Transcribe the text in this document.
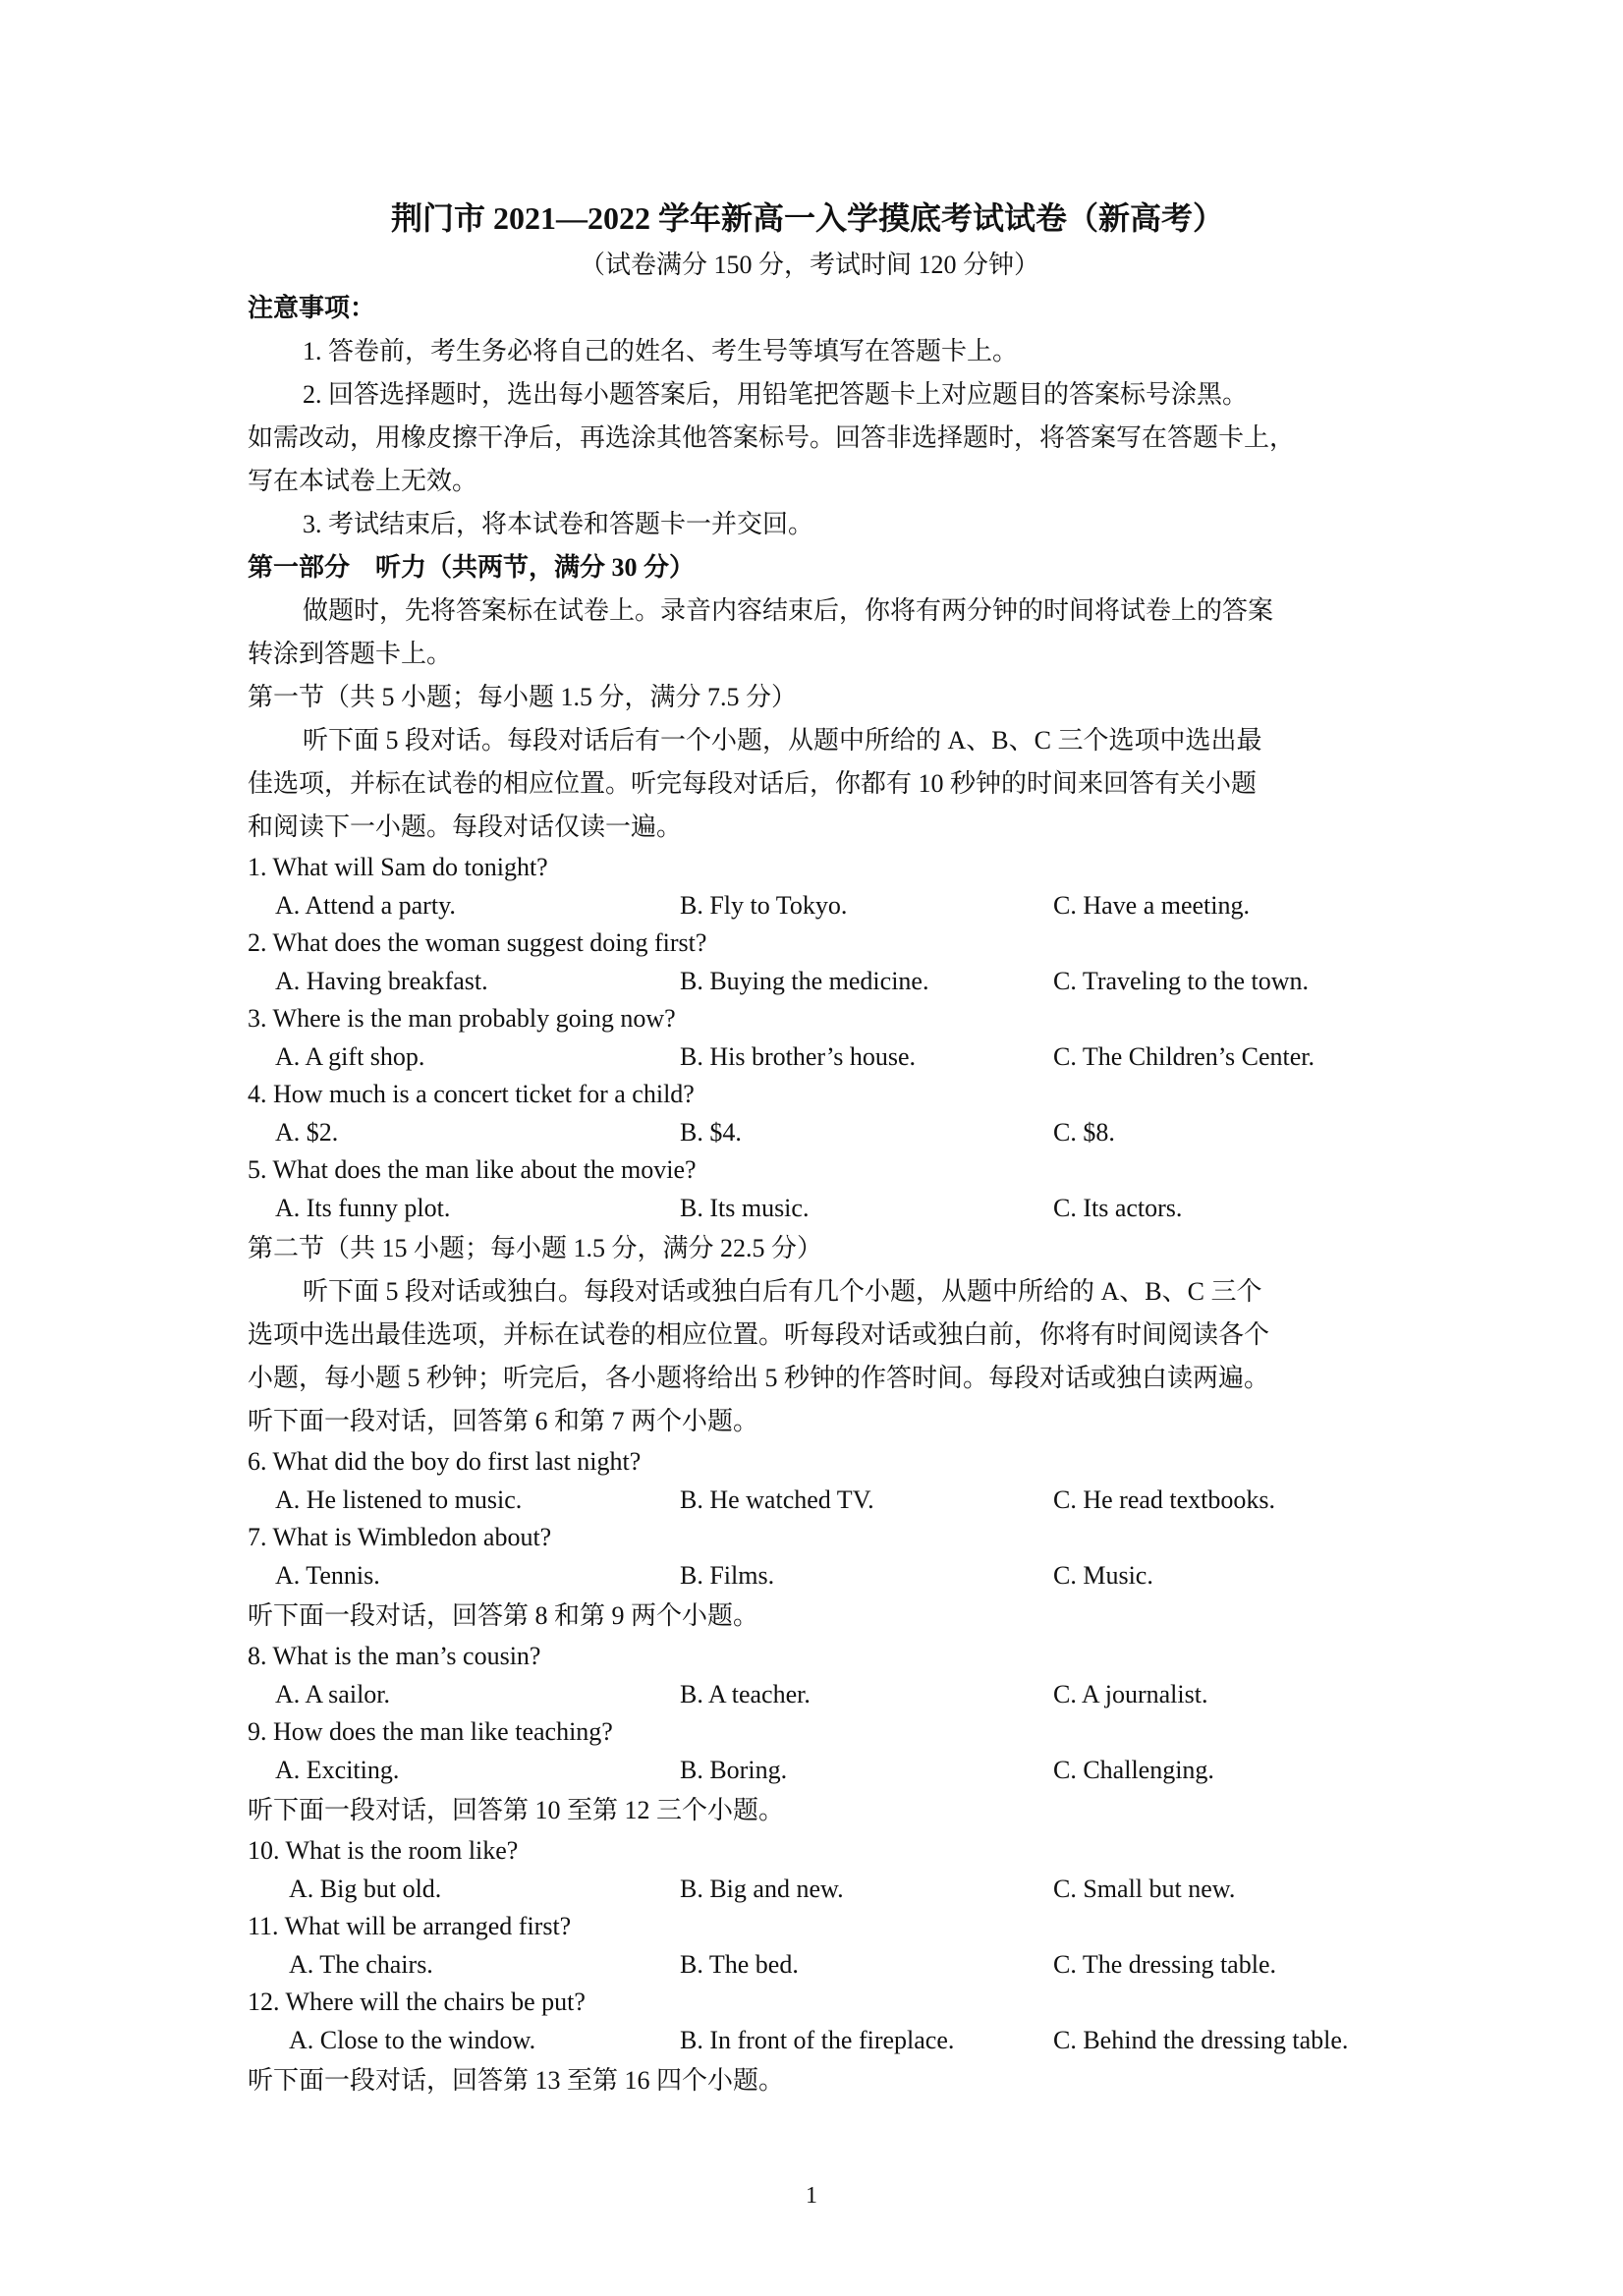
荆门市 2021—2022 学年新高一入学摸底考试试卷（新高考）
（试卷满分 150 分，考试时间 120 分钟）
注意事项：
1. 答卷前，考生务必将自己的姓名、考生号等填写在答题卡上。
2. 回答选择题时，选出每小题答案后，用铅笔把答题卡上对应题目的答案标号涂黑。
如需改动，用橡皮擦干净后，再选涂其他答案标号。回答非选择题时，将答案写在答题卡上，
写在本试卷上无效。
3. 考试结束后，将本试卷和答题卡一并交回。
第一部分　听力（共两节，满分 30 分）
做题时，先将答案标在试卷上。录音内容结束后，你将有两分钟的时间将试卷上的答案
转涂到答题卡上。
第一节（共 5 小题；每小题 1.5 分，满分 7.5 分）
听下面 5 段对话。每段对话后有一个小题，从题中所给的 A、B、C 三个选项中选出最
佳选项，并标在试卷的相应位置。听完每段对话后，你都有 10 秒钟的时间来回答有关小题
和阅读下一小题。每段对话仅读一遍。
1. What will Sam do tonight?
A. Attend a party.	B. Fly to Tokyo.	C. Have a meeting.
2. What does the woman suggest doing first?
A. Having breakfast.	B. Buying the medicine.	C. Traveling to the town.
3. Where is the man probably going now?
A. A gift shop.	B. His brother’s house.	C. The Children’s Center.
4. How much is a concert ticket for a child?
A. $2.	B. $4.	C. $8.
5. What does the man like about the movie?
A. Its funny plot.	B. Its music.	C. Its actors.
第二节（共 15 小题；每小题 1.5 分，满分 22.5 分）
听下面 5 段对话或独白。每段对话或独白后有几个小题，从题中所给的 A、B、C 三个
选项中选出最佳选项，并标在试卷的相应位置。听每段对话或独白前，你将有时间阅读各个
小题，每小题 5 秒钟；听完后，各小题将给出 5 秒钟的作答时间。每段对话或独白读两遍。
听下面一段对话，回答第 6 和第 7 两个小题。
6. What did the boy do first last night?
A. He listened to music.	B. He watched TV.	C. He read textbooks.
7. What is Wimbledon about?
A. Tennis.	B. Films.	C. Music.
听下面一段对话，回答第 8 和第 9 两个小题。
8. What is the man’s cousin?
A. A sailor.	B. A teacher.	C. A journalist.
9. How does the man like teaching?
A. Exciting.	B. Boring.	C. Challenging.
听下面一段对话，回答第 10 至第 12 三个小题。
10. What is the room like?
A. Big but old.	B. Big and new.	C. Small but new.
11. What will be arranged first?
A. The chairs.	B. The bed.	C. The dressing table.
12. Where will the chairs be put?
A. Close to the window.	B. In front of the fireplace.	C. Behind the dressing table.
听下面一段对话，回答第 13 至第 16 四个小题。
1
